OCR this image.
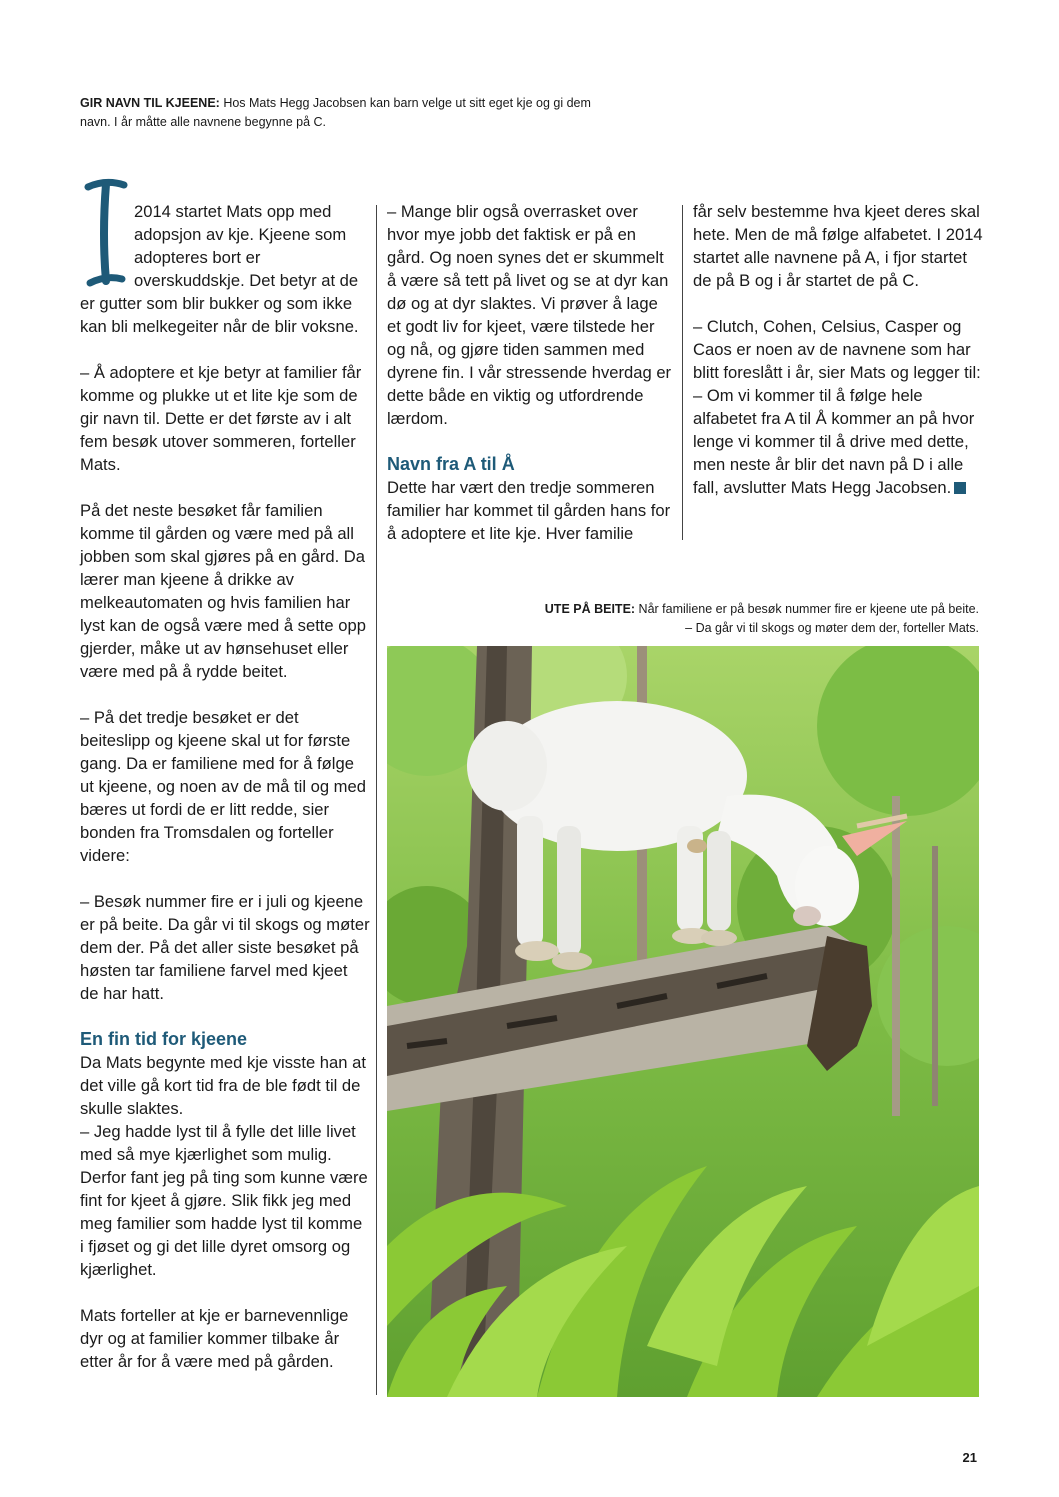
GIR NAVN TIL KJEENE: Hos Mats Hegg Jacobsen kan barn velge ut sitt eget kje og gi dem navn. I år måtte alle navnene begynne på C.

2014 startet Mats opp med adopsjon av kje. Kjeene som adopteres bort er overskuddskje. Det betyr at de er gutter som blir bukker og som ikke kan bli melkegeiter når de blir voksne.

– Å adoptere et kje betyr at familier får komme og plukke ut et lite kje som de gir navn til. Dette er det første av i alt fem besøk utover sommeren, forteller Mats.

På det neste besøket får familien komme til gården og være med på all jobben som skal gjøres på en gård. Da lærer man kjeene å drikke av melkeautomaten og hvis familien har lyst kan de også være med å sette opp gjerder, måke ut av hønsehuset eller være med på å rydde beitet.

– På det tredje besøket er det beiteslipp og kjeene skal ut for første gang. Da er familiene med for å følge ut kjeene, og noen av de må til og med bæres ut fordi de er litt redde, sier bonden fra Tromsdalen og forteller videre:

– Besøk nummer fire er i juli og kjeene er på beite. Da går vi til skogs og møter dem der. På det aller siste besøket på høsten tar familiene farvel med kjeet de har hatt.

En fin tid for kjeene

Da Mats begynte med kje visste han at det ville gå kort tid fra de ble født til de skulle slaktes.

– Jeg hadde lyst til å fylle det lille livet med så mye kjærlighet som mulig. Derfor fant jeg på ting som kunne være fint for kjeet å gjøre. Slik fikk jeg med meg familier som hadde lyst til komme i fjøset og gi det lille dyret omsorg og kjærlighet.

Mats forteller at kje er barnevennlige dyr og at familier kommer tilbake år etter år for å være med på gården.

– Mange blir også overrasket over hvor mye jobb det faktisk er på en gård. Og noen synes det er skummelt å være så tett på livet og se at dyr kan dø og at dyr slaktes. Vi prøver å lage et godt liv for kjeet, være tilstede her og nå, og gjøre tiden sammen med dyrene fin. I vår stressende hverdag er dette både en viktig og utfordrende lærdom.

Navn fra A til Å

Dette har vært den tredje sommeren familier har kommet til gården hans for å adoptere et lite kje. Hver familie

får selv bestemme hva kjeet deres skal hete. Men de må følge alfabetet. I 2014 startet alle navnene på A, i fjor startet de på B og i år startet de på C.

– Clutch, Cohen, Celsius, Casper og Caos er noen av de navnene som har blitt foreslått i år, sier Mats og legger til:

– Om vi kommer til å følge hele alfabetet fra A til Å kommer an på hvor lenge vi kommer til å drive med dette, men neste år blir det navn på D i alle fall, avslutter Mats Hegg Jacobsen.

UTE PÅ BEITE: Når familiene er på besøk nummer fire er kjeene ute på beite.
– Da går vi til skogs og møter dem der, forteller Mats.
21
